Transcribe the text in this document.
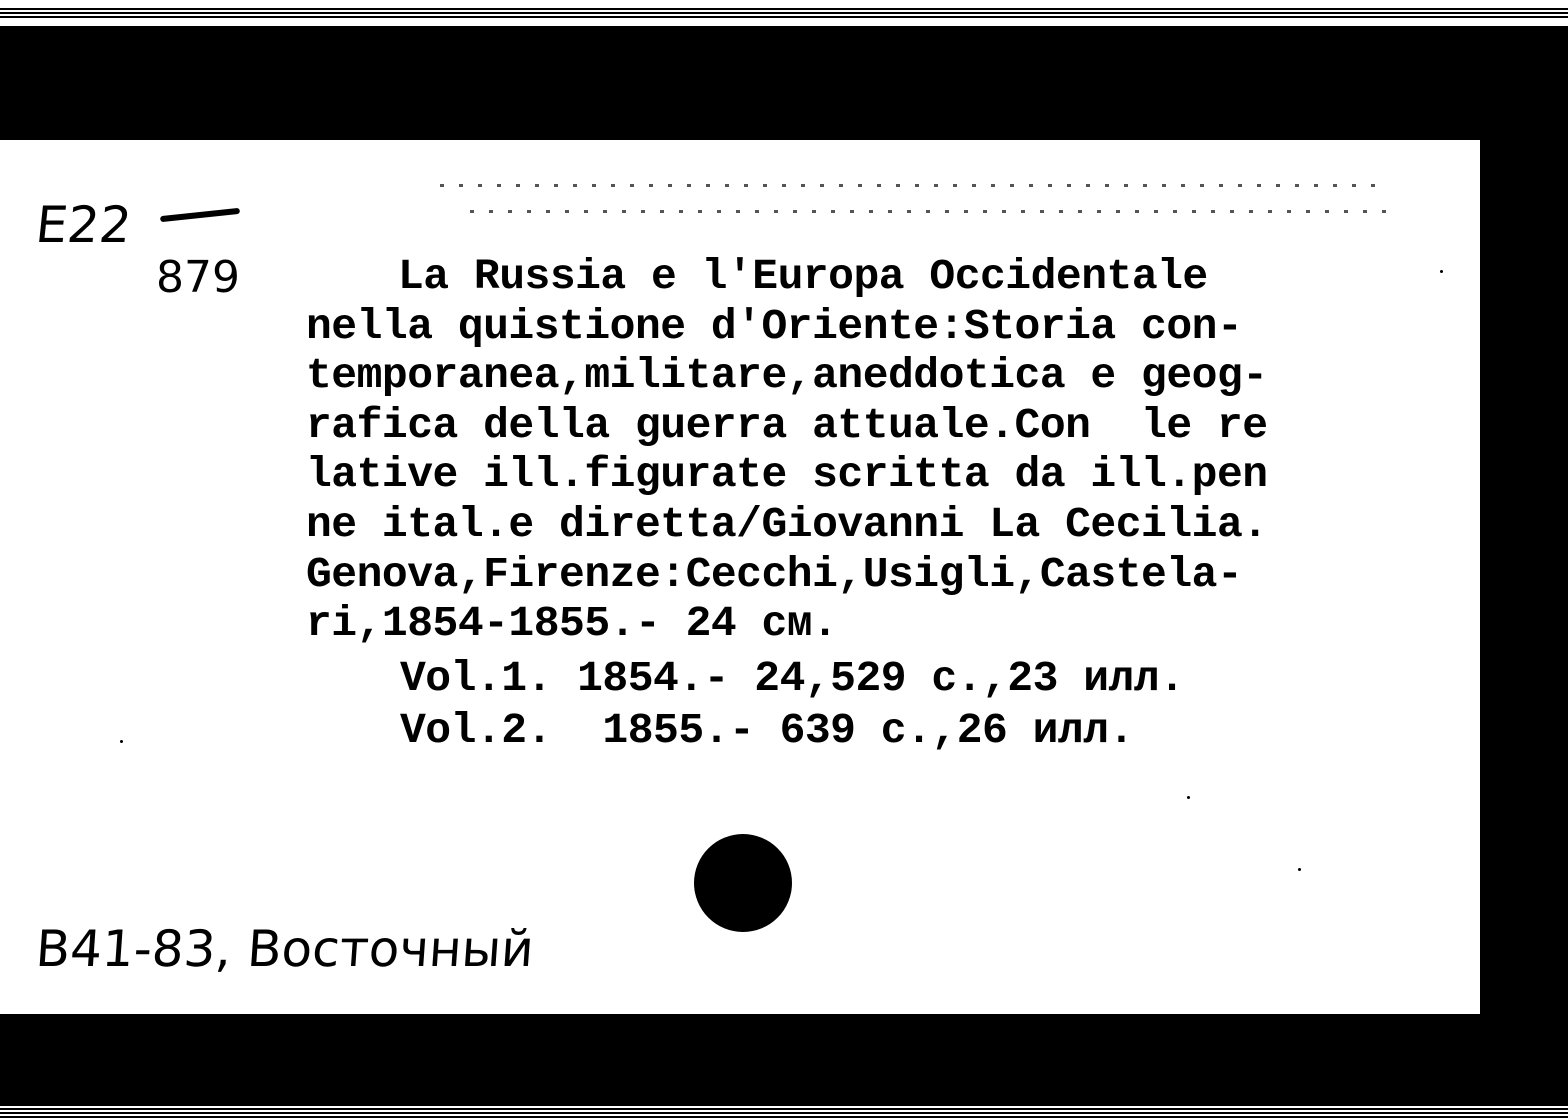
E22
879	La Russia e l'Europa Occidentale
nella quistione d'Oriente:Storia con-
temporanea,militare,aneddotica e geog-
rafica della guerra attuale.Con  le re
lative ill.figurate scritta da ill.pen
ne ital.e diretta/Giovanni La Cecilia.
Genova,Firenze:Cecchi,Usigli,Castela-
ri,1854-1855.- 24 см.
Vol.1. 1854.- 24,529 с.,23 илл.
Vol.2.  1855.- 639 с.,26 илл.
В41-83, Восточный
